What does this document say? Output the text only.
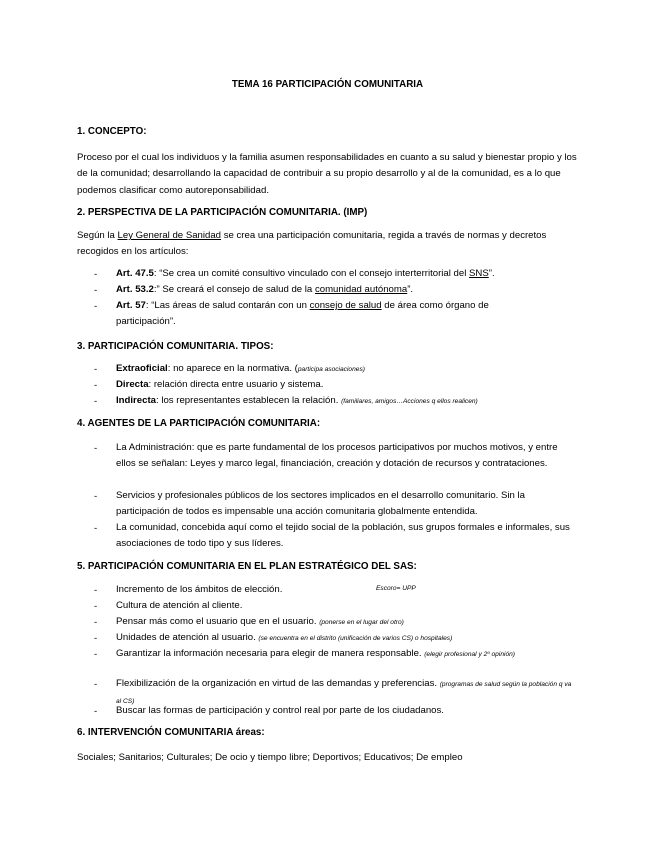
TEMA 16 PARTICIPACIÓN COMUNITARIA
1. CONCEPTO:
Proceso por el cual los individuos y la familia asumen responsabilidades en cuanto a su salud y bienestar propio y los de la comunidad; desarrollando la capacidad de contribuir a su propio desarrollo y al de la comunidad, es a lo que podemos clasificar como autoreponsabilidad.
2. PERSPECTIVA DE LA PARTICIPACIÓN COMUNITARIA. (IMP)
Según la Ley General de Sanidad se crea una participación comunitaria, regida a través de normas y decretos recogidos en los artículos:
- Art. 47.5: “Se crea un comité consultivo vinculado con el consejo interterritorial del SNS”.
- Art. 53.2:” Se creará el consejo de salud de la comunidad autónoma”.
- Art. 57: “Las áreas de salud contarán con un consejo de salud de área como órgano de participación”.
3. PARTICIPACIÓN COMUNITARIA. TIPOS:
- Extraoficial: no aparece en la normativa. (participa asociaciones)
- Directa: relación directa entre usuario y sistema.
- Indirecta: los representantes establecen la relación. (familiares, amigos…Acciones q ellos realicen)
4. AGENTES DE LA PARTICIPACIÓN COMUNITARIA:
- La Administración: que es parte fundamental de los procesos participativos por muchos motivos, y entre ellos se señalan: Leyes y marco legal, financiación, creación y dotación de recursos y contrataciones.
- Servicios y profesionales públicos de los sectores implicados en el desarrollo comunitario. Sin la participación de todos es impensable una acción comunitaria globalmente entendida.
- La comunidad, concebida aquí como el tejido social de la población, sus grupos formales e informales, sus asociaciones de todo tipo y sus líderes.
5. PARTICIPACIÓN COMUNITARIA EN EL PLAN ESTRATÉGICO DEL SAS:
Escoro= UPP
- Incremento de los ámbitos de elección.
- Cultura de atención al cliente.
- Pensar más como el usuario que en el usuario. (ponerse en el lugar del otro)
- Unidades de atención al usuario. (se encuentra en el distrito (unificación de varios CS) o hospitales)
- Garantizar la información necesaria para elegir de manera responsable. (elegir profesional y 2º opinión)
- Flexibilización de la organización en virtud de las demandas y preferencias. (programas de salud según la población q va al CS)
- Buscar las formas de participación y control real por parte de los ciudadanos.
6. INTERVENCIÓN COMUNITARIA áreas:
Sociales; Sanitarios; Culturales; De ocio y tiempo libre; Deportivos; Educativos; De empleo
